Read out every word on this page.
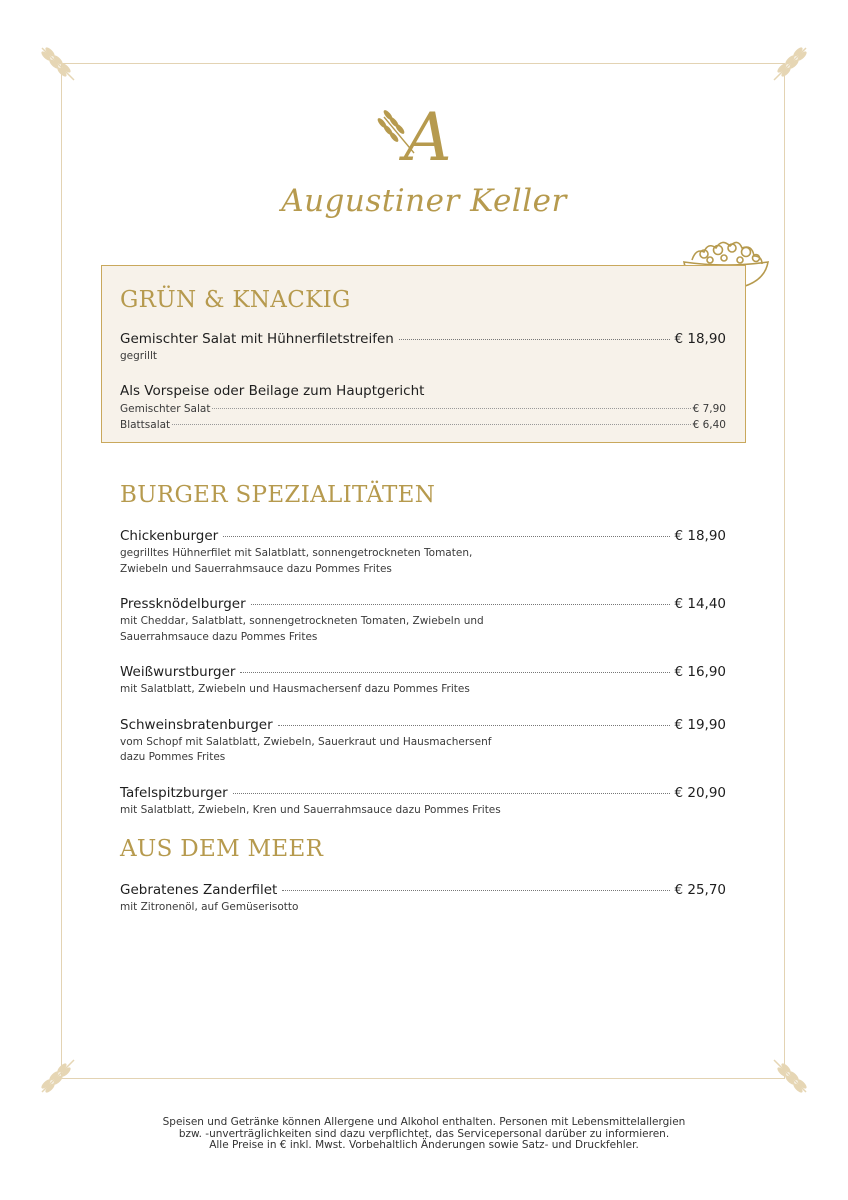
A
Augustiner Keller
GRÜN & KNACKIG
Gemischter Salat mit Hühnerfiletstreifen	€ 18,90
gegrillt
Als Vorspeise oder Beilage zum Hauptgericht
Gemischter Salat	€ 7,90
Blattsalat	€ 6,40
BURGER SPEZIALITÄTEN
Chickenburger	€ 18,90
gegrilltes Hühnerfilet mit Salatblatt, sonnengetrockneten Tomaten,
Zwiebeln und Sauerrahmsauce dazu Pommes Frites
Pressknödelburger	€ 14,40
mit Cheddar, Salatblatt, sonnengetrockneten Tomaten, Zwiebeln und
Sauerrahmsauce dazu Pommes Frites
Weißwurstburger	€ 16,90
mit Salatblatt, Zwiebeln und Hausmachersenf dazu Pommes Frites
Schweinsbratenburger	€ 19,90
vom Schopf mit Salatblatt, Zwiebeln, Sauerkraut und Hausmachersenf
dazu Pommes Frites
Tafelspitzburger	€ 20,90
mit Salatblatt, Zwiebeln, Kren und Sauerrahmsauce dazu Pommes Frites
AUS DEM MEER
Gebratenes Zanderfilet	€ 25,70
mit Zitronenöl, auf Gemüserisotto
Speisen und Getränke können Allergene und Alkohol enthalten. Personen mit Lebensmittelallergien
bzw. -unverträglichkeiten sind dazu verpflichtet, das Servicepersonal darüber zu informieren.
Alle Preise in € inkl. Mwst. Vorbehaltlich Änderungen sowie Satz- und Druckfehler.
